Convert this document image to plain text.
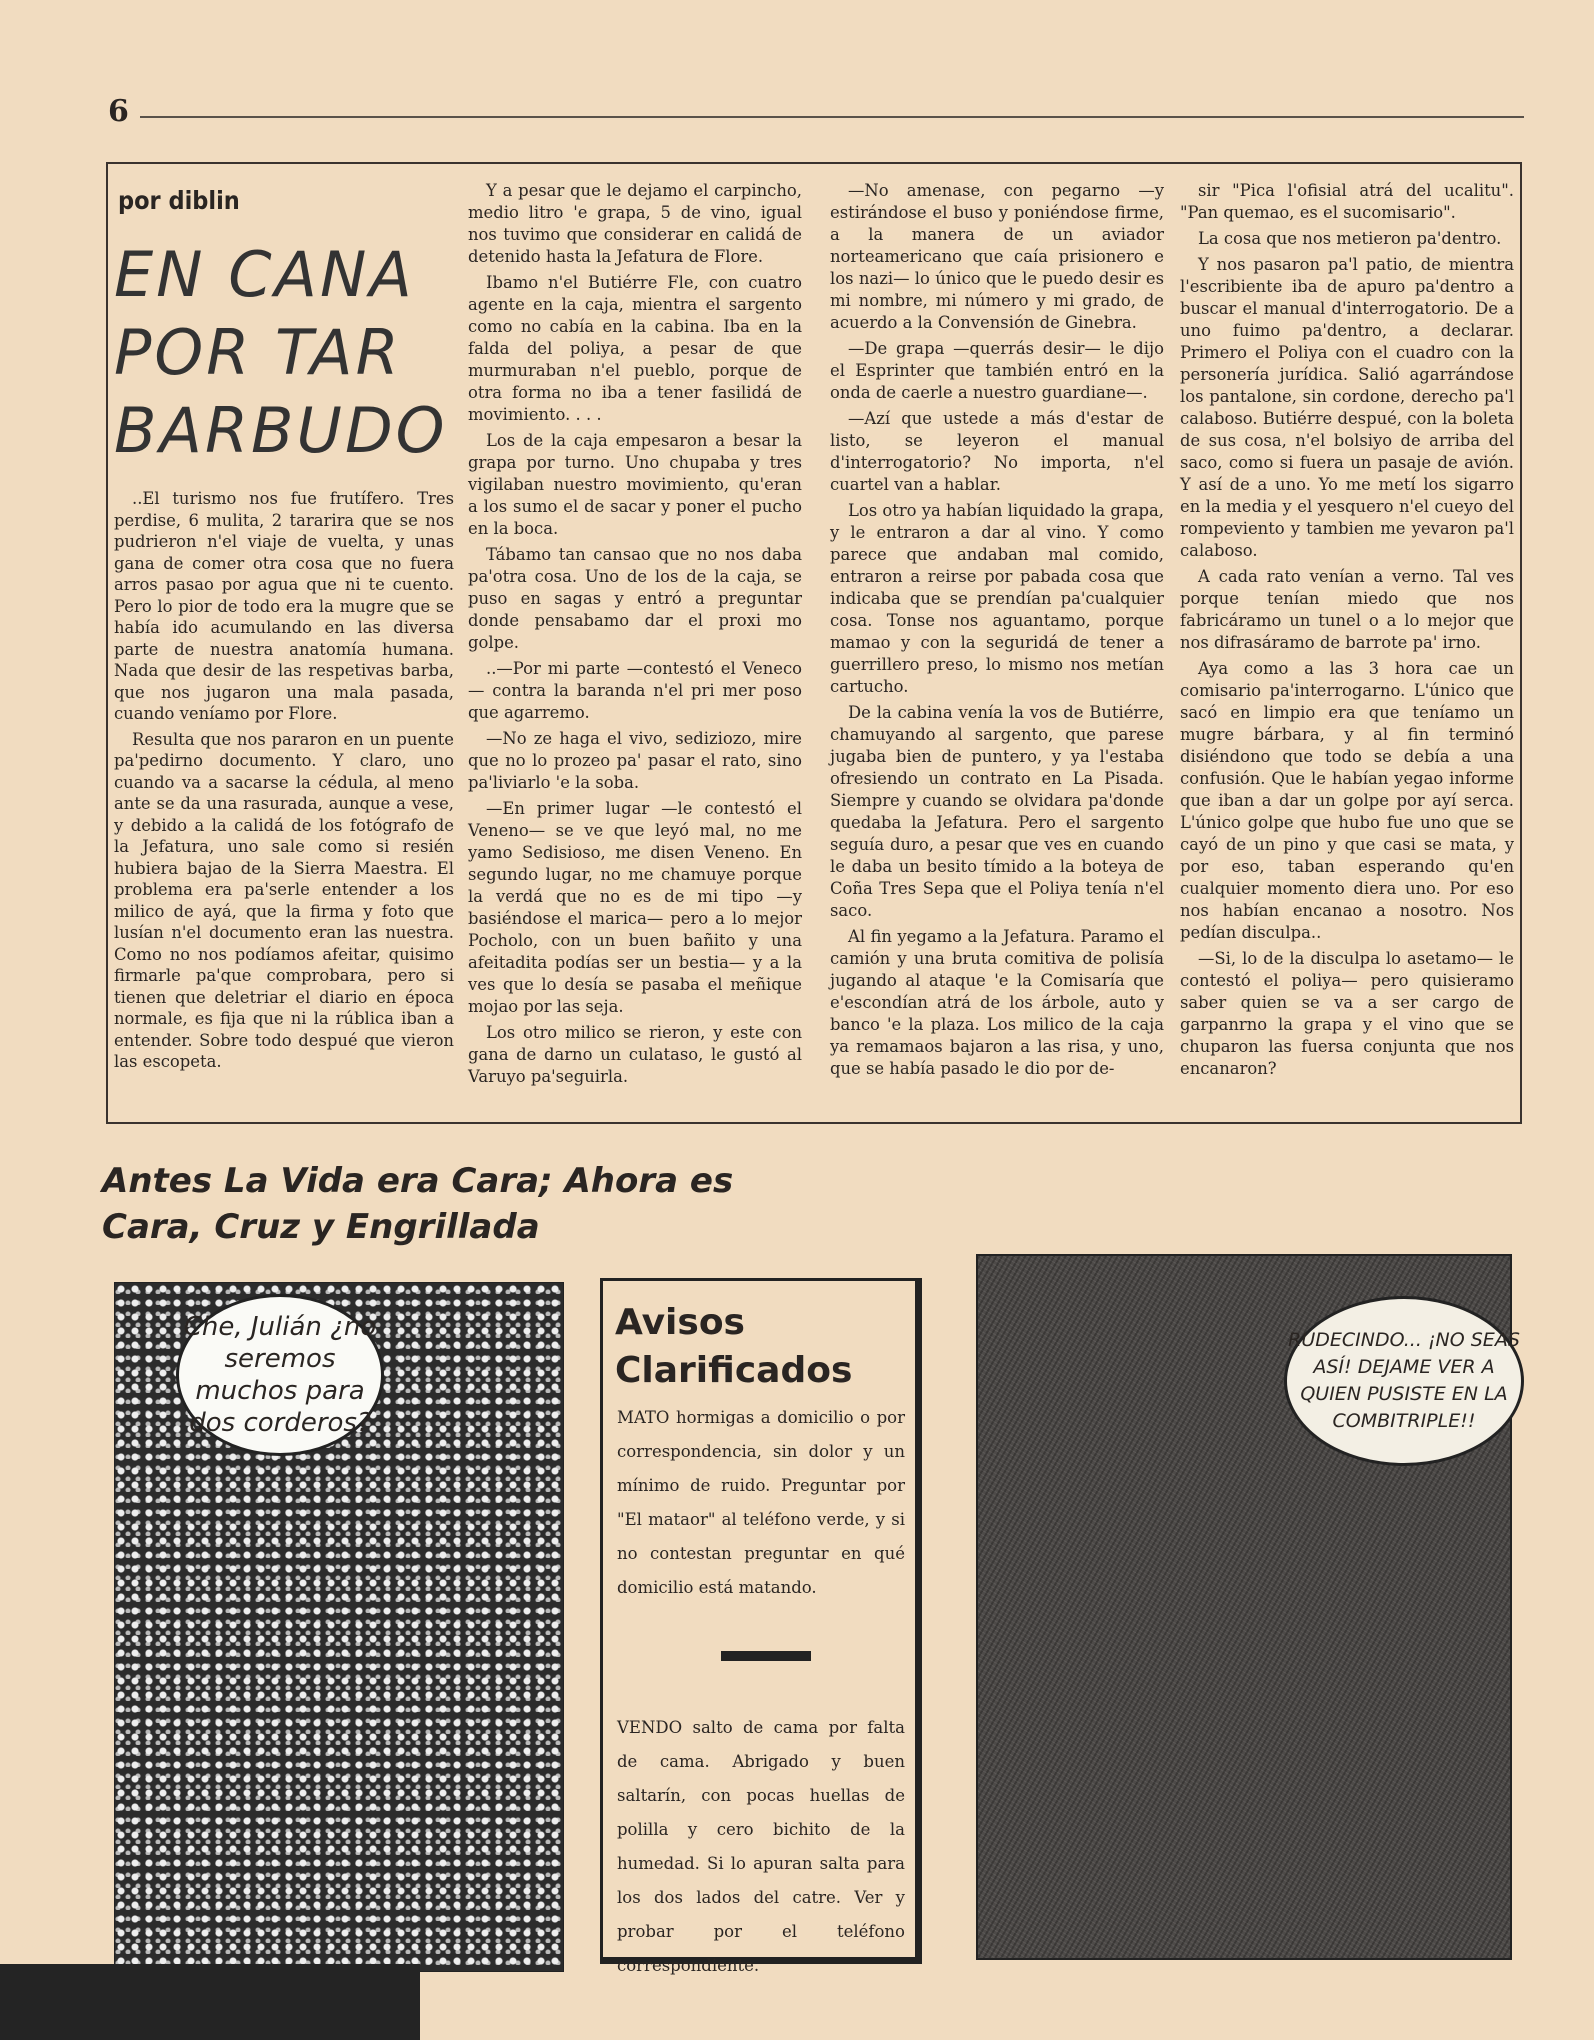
6
por diblin
EN CANA POR TAR BARBUDO

..El turismo nos fue frutífero. Tres perdise, 6 mulita, 2 tararira que se nos pudrieron n'el viaje de vuelta, y unas gana de comer otra cosa que no fuera arros pasao por agua que ni te cuento. Pero lo pior de todo era la mugre que se había ido acumulando en las diversa parte de nuestra anatomía humana. Nada que desir de las respetivas barba, que nos jugaron una mala pasada, cuando veníamo por Flore.

Resulta que nos pararon en un puente pa'pedirno documento. Y claro, uno cuando va a sacarse la cédula, al meno ante se da una rasurada, aunque a vese, y debido a la calidá de los fotógrafo de la Jefatura, uno sale como si resién hubiera bajao de la Sierra Maestra. El problema era pa'serle entender a los milico de ayá, que la firma y foto que lusían n'el documento eran las nuestra. Como no nos podíamos afeitar, quisimo firmarle pa'que comprobara, pero si tienen que deletriar el diario en época normale, es fija que ni la rública iban a entender. Sobre todo despué que vieron las escopeta.

Y a pesar que le dejamo el carpincho, medio litro 'e grapa, 5 de vino, igual nos tuvimo que considerar en calidá de detenido hasta la Jefatura de Flore.

Ibamo n'el Butiérre Fle, con cuatro agente en la caja, mientra el sargento como no cabía en la cabina. Iba en la falda del poliya, a pesar de que murmuraban n'el pueblo, porque de otra forma no iba a tener fasilidá de movimiento. . . .

Los de la caja empesaron a besar la grapa por turno. Uno chupaba y tres vigilaban nuestro movimiento, qu'eran a los sumo el de sacar y poner el pucho en la boca.

Tábamo tan cansao que no nos daba pa'otra cosa. Uno de los de la caja, se puso en sagas y entró a preguntar donde pensabamo dar el proxi mo golpe.

..—Por mi parte —contestó el Veneco— contra la baranda n'el pri mer poso que agarremo.

—No ze haga el vivo, sediziozo, mire que no lo prozeo pa' pasar el rato, sino pa'liviarlo 'e la soba.

—En primer lugar —le contestó el Veneno— se ve que leyó mal, no me yamo Sedisioso, me disen Veneno. En segundo lugar, no me chamuye porque la verdá que no es de mi tipo —y basiéndose el marica— pero a lo mejor Pocholo, con un buen bañito y una afeitadita podías ser un bestia— y a la ves que lo desía se pasaba el meñique mojao por las seja.

Los otro milico se rieron, y este con gana de darno un culataso, le gustó al Varuyo pa'seguirla.

—No amenase, con pegarno —y estirándose el buso y poniéndose firme, a la manera de un aviador norteamericano que caía prisionero e los nazi— lo único que le puedo desir es mi nombre, mi número y mi grado, de acuerdo a la Convensión de Ginebra.

—De grapa —querrás desir— le dijo el Esprinter que también entró en la onda de caerle a nuestro guardiane—.

—Azí que ustede a más d'estar de listo, se leyeron el manual d'interrogatorio? No importa, n'el cuartel van a hablar.

Los otro ya habían liquidado la grapa, y le entraron a dar al vino. Y como parece que andaban mal comido, entraron a reirse por pabada cosa que indicaba que se prendían pa'cualquier cosa. Tonse nos aguantamo, porque mamao y con la seguridá de tener a guerrillero preso, lo mismo nos metían cartucho.

De la cabina venía la vos de Butiérre, chamuyando al sargento, que parese jugaba bien de puntero, y ya l'estaba ofresiendo un contrato en La Pisada. Siempre y cuando se olvidara pa'donde quedaba la Jefatura. Pero el sargento seguía duro, a pesar que ves en cuando le daba un besito tímido a la boteya de Coña Tres Sepa que el Poliya tenía n'el saco.

Al fin yegamo a la Jefatura. Paramo el camión y una bruta comitiva de polisía jugando al ataque 'e la Comisaría que e'escondían atrá de los árbole, auto y banco 'e la plaza. Los milico de la caja ya remamaos bajaron a las risa, y uno, que se había pasado le dio por de-

sir "Pica l'ofisial atrá del ucalitu". "Pan quemao, es el sucomisario".

La cosa que nos metieron pa'dentro.

Y nos pasaron pa'l patio, de mientra l'escribiente iba de apuro pa'dentro a buscar el manual d'interrogatorio. De a uno fuimo pa'dentro, a declarar. Primero el Poliya con el cuadro con la personería jurídica. Salió agarrándose los pantalone, sin cordone, derecho pa'l calaboso. Butiérre despué, con la boleta de sus cosa, n'el bolsiyo de arriba del saco, como si fuera un pasaje de avión. Y así de a uno. Yo me metí los sigarro en la media y el yesquero n'el cueyo del rompeviento y tambien me yevaron pa'l calaboso.

A cada rato venían a verno. Tal ves porque tenían miedo que nos fabricáramo un tunel o a lo mejor que nos difrasáramo de barrote pa' irno.

Aya como a las 3 hora cae un comisario pa'interrogarno. L'único que sacó en limpio era que teníamo un mugre bárbara, y al fin terminó disiéndono que todo se debía a una confusión. Que le habían yegao informe que iban a dar un golpe por ayí serca. L'único golpe que hubo fue uno que se cayó de un pino y que casi se mata, y por eso, taban esperando qu'en cualquier momento diera uno. Por eso nos habían encanao a nosotro. Nos pedían disculpa..

—Si, lo de la disculpa lo asetamo— le contestó el poliya— pero quisieramo saber quien se va a ser cargo de garpanrno la grapa y el vino que se chuparon las fuersa conjunta que nos encanaron?

Antes La Vida era Cara; Ahora es Cara, Cruz y Engrillada
Che, Julián ¿no seremos muchos para dos corderos?
Avisos Clarificados

MATO hormigas a domicilio o por correspondencia, sin dolor y un mínimo de ruido. Preguntar por "El mataor" al teléfono verde, y si no contestan preguntar en qué domicilio está matando.

VENDO salto de cama por falta de cama. Abrigado y buen saltarín, con pocas huellas de polilla y cero bichito de la humedad. Si lo apuran salta para los dos lados del catre. Ver y probar por el teléfono correspondiente.

RUDECINDO... ¡NO SEAS ASÍ! DEJAME VER A QUIEN PUSISTE EN LA COMBITRIPLE!!
